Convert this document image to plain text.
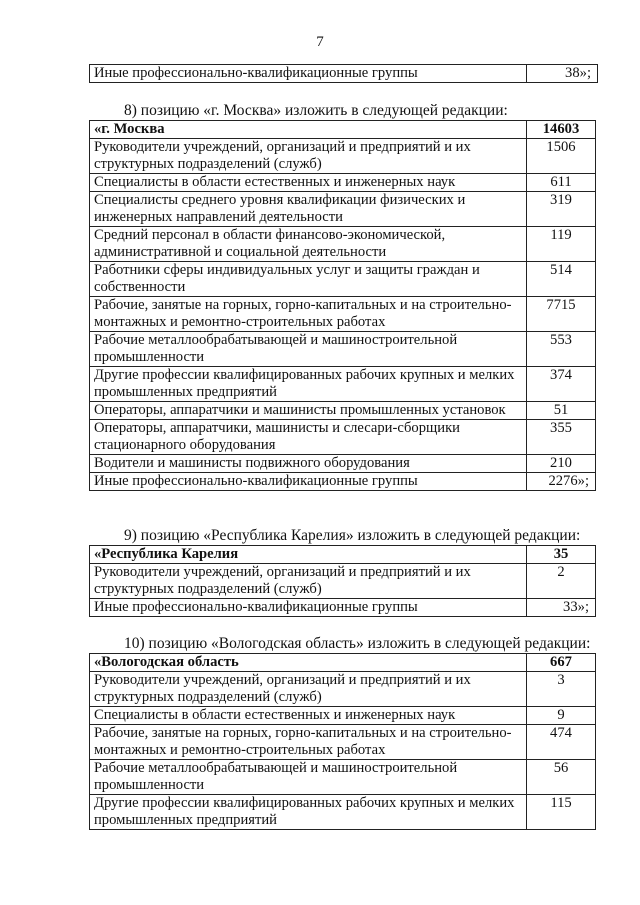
7
Иные профессионально-квалификационные группы	38»;
8) позицию «г. Москва» изложить в следующей редакции:
«г. Москва	14603
Руководители учреждений, организаций и предприятий и их структурных подразделений (служб)	1506
Специалисты в области естественных и инженерных наук	611
Специалисты среднего уровня квалификации физических и инженерных направлений деятельности	319
Средний персонал в области финансово-экономической, административной и социальной деятельности	119
Работники сферы индивидуальных услуг и защиты граждан и собственности	514
Рабочие, занятые на горных, горно-капитальных и на строительно-монтажных и ремонтно-строительных работах	7715
Рабочие металлообрабатывающей и машиностроительной промышленности	553
Другие профессии квалифицированных рабочих крупных и мелких промышленных предприятий	374
Операторы, аппаратчики и машинисты промышленных установок	51
Операторы, аппаратчики, машинисты и слесари-сборщики стационарного оборудования	355
Водители и машинисты подвижного оборудования	210
Иные профессионально-квалификационные группы	2276»;
9) позицию «Республика Карелия» изложить в следующей редакции:
«Республика Карелия	35
Руководители учреждений, организаций и предприятий и их структурных подразделений (служб)	2
Иные профессионально-квалификационные группы	33»;
10) позицию «Вологодская область» изложить в следующей редакции:
«Вологодская область	667
Руководители учреждений, организаций и предприятий и их структурных подразделений (служб)	3
Специалисты в области естественных и инженерных наук	9
Рабочие, занятые на горных, горно-капитальных и на строительно-монтажных и ремонтно-строительных работах	474
Рабочие металлообрабатывающей и машиностроительной промышленности	56
Другие профессии квалифицированных рабочих крупных и мелких промышленных предприятий	115
